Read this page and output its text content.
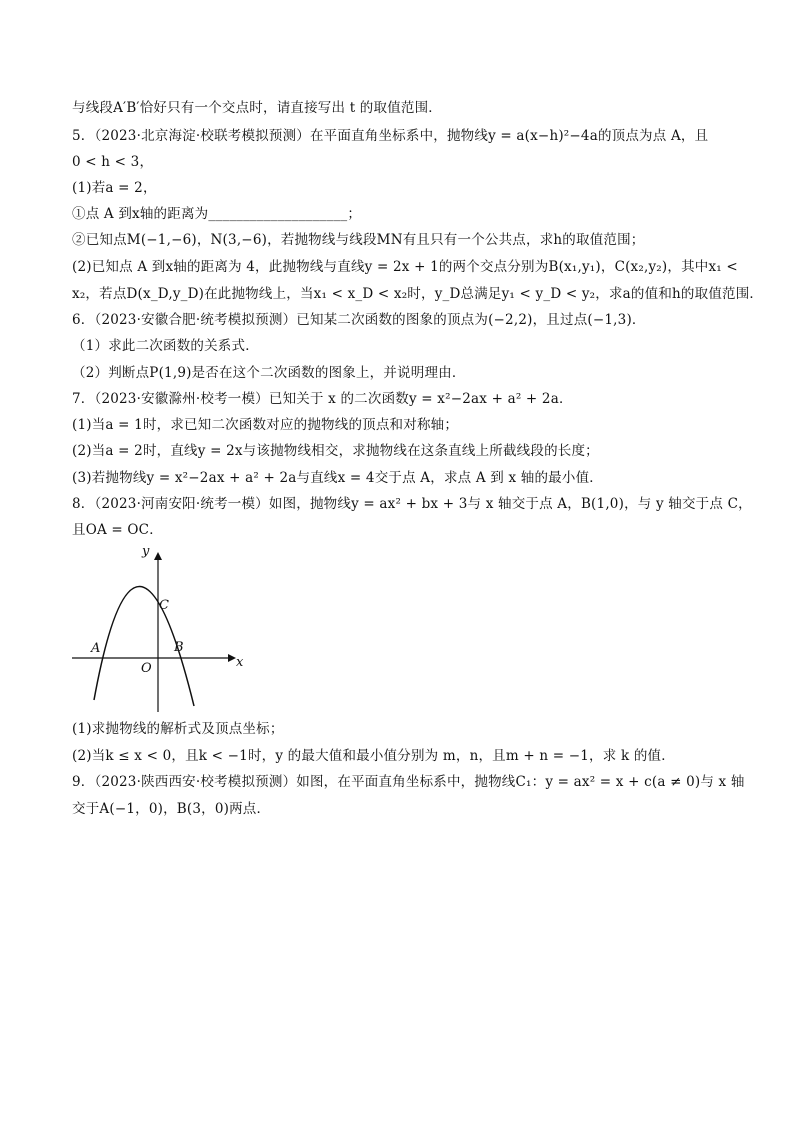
与线段A′B′恰好只有一个交点时，请直接写出 t 的取值范围．
5．（2023·北京海淀·校联考模拟预测）在平面直角坐标系中，抛物线y = a(x−h)²−4a的顶点为点 A，且
0 < h < 3，
(1)若a = 2，
①点 A 到x轴的距离为____________________；
②已知点M(−1,−6)，N(3,−6)，若抛物线与线段MN有且只有一个公共点，求h的取值范围；
(2)已知点 A 到x轴的距离为 4，此抛物线与直线y = 2x + 1的两个交点分别为B(x₁,y₁)，C(x₂,y₂)，其中x₁ <
x₂，若点D(x_D,y_D)在此抛物线上，当x₁ < x_D < x₂时，y_D总满足y₁ < y_D < y₂，求a的值和h的取值范围．
6．（2023·安徽合肥·统考模拟预测）已知某二次函数的图象的顶点为(−2,2)，且过点(−1,3)．
（1）求此二次函数的关系式．
（2）判断点P(1,9)是否在这个二次函数的图象上，并说明理由．
7．（2023·安徽滁州·校考一模）已知关于 x 的二次函数y = x²−2ax + a² + 2a．
(1)当a = 1时，求已知二次函数对应的抛物线的顶点和对称轴；
(2)当a = 2时，直线y = 2x与该抛物线相交，求抛物线在这条直线上所截线段的长度；
(3)若抛物线y = x²−2ax + a² + 2a与直线x = 4交于点 A，求点 A 到 x 轴的最小值．
8．（2023·河南安阳·统考一模）如图，抛物线y = ax² + bx + 3与 x 轴交于点 A，B(1,0)，与 y 轴交于点 C，
且OA = OC．
y
x
A	B
C
O
(1)求抛物线的解析式及顶点坐标；
(2)当k ≤ x < 0，且k < −1时，y 的最大值和最小值分别为 m，n，且m + n = −1，求 k 的值．
9．（2023·陕西西安·校考模拟预测）如图，在平面直角坐标系中，抛物线C₁：y = ax² = x + c(a ≠ 0)与 x 轴
交于A(−1，0)，B(3，0)两点．
